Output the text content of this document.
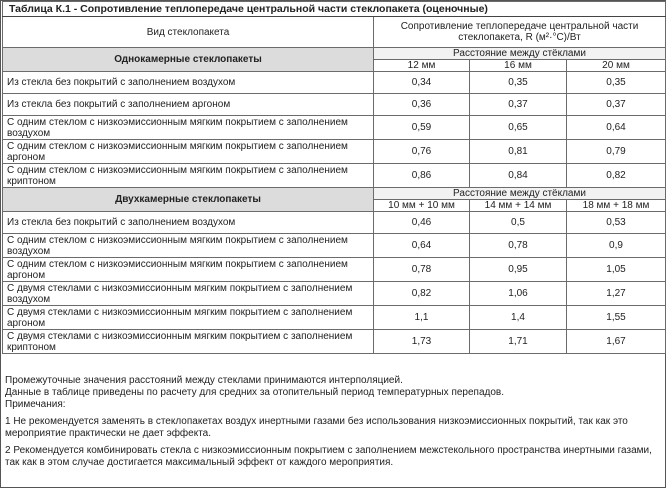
Таблица К.1 - Сопротивление теплопередаче центральной части стеклопакета (оценочные)			
Вид стеклопакета	Сопротивление теплопередаче центральной части стеклопакета, R (м²·°С)/Вт		
Однокамерные стеклопакеты	Расстояние между стёклами		
	12 мм	16 мм	20 мм
Из стекла без покрытий с заполнением воздухом	0,34	0,35	0,35
Из стекла без покрытий с заполнением аргоном	0,36	0,37	0,37
С одним стеклом с низкоэмиссионным мягким покрытием с заполнением воздухом	0,59	0,65	0,64
С одним стеклом с низкоэмиссионным мягким покрытием с заполнением аргоном	0,76	0,81	0,79
С одним стеклом с низкоэмиссионным мягким покрытием с заполнением криптоном	0,86	0,84	0,82
Двухкамерные стеклопакеты	Расстояние между стёклами		
	10 мм + 10 мм	14 мм + 14 мм	18 мм + 18 мм
Из стекла без покрытий с заполнением воздухом	0,46	0,5	0,53
С одним стеклом с низкоэмиссионным мягким покрытием с заполнением воздухом	0,64	0,78	0,9
С одним стеклом с низкоэмиссионным мягким покрытием с заполнением аргоном	0,78	0,95	1,05
С двумя стеклами с низкоэмиссионным мягким покрытием с заполнением воздухом	0,82	1,06	1,27
С двумя стеклами с низкоэмиссионным мягким покрытием с заполнением аргоном	1,1	1,4	1,55
С двумя стеклами с низкоэмиссионным мягким покрытием с заполнением криптоном	1,73	1,71	1,67

Промежуточные значения расстояний между стеклами принимаются интерполяцией.

Данные в таблице приведены по расчету для средних за отопительный период температурных перепадов.

Примечания:

1 Не рекомендуется заменять в стеклопакетах воздух инертными газами без использования низкоэмиссионных покрытий, так как это мероприятие практически не дает эффекта.

2 Рекомендуется комбинировать стекла с низкоэмиссионным покрытием с заполнением межстекольного пространства инертными газами, так как в этом случае достигается максимальный эффект от каждого мероприятия.
